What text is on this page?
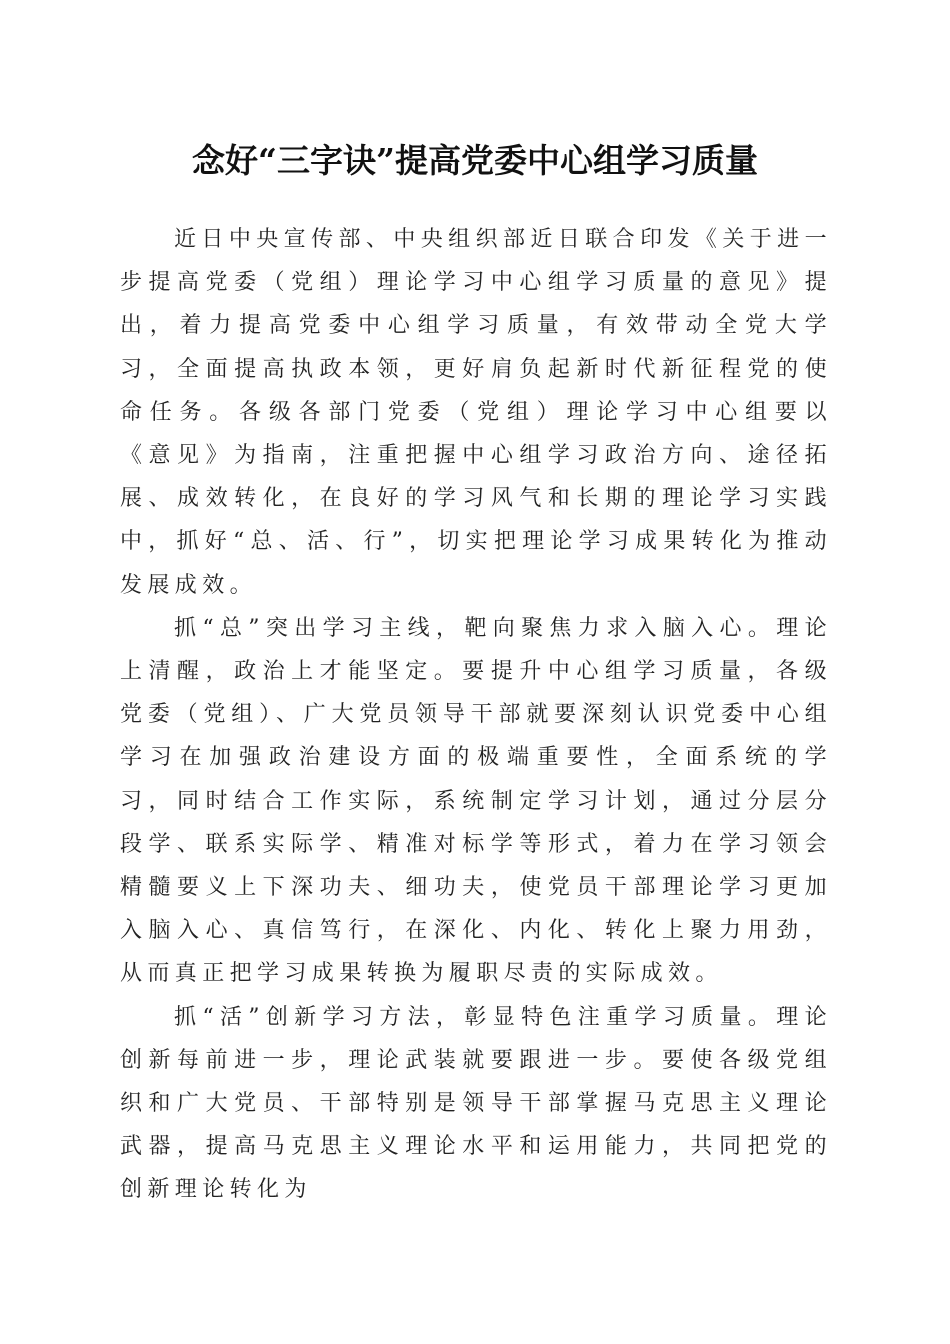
念好“三字诀”提高党委中心组学习质量

近日中央宣传部、中央组织部近日联合印发《关于进一步提高党委（党组）理论学习中心组学习质量的意见》提出，着力提高党委中心组学习质量，有效带动全党大学习，全面提高执政本领，更好肩负起新时代新征程党的使命任务。各级各部门党委（党组）理论学习中心组要以《意见》为指南，注重把握中心组学习政治方向、途径拓展、成效转化，在良好的学习风气和长期的理论学习实践中，抓好“总、活、行”，切实把理论学习成果转化为推动发展成效。

抓“总”突出学习主线，靶向聚焦力求入脑入心。理论上清醒，政治上才能坚定。要提升中心组学习质量，各级党委（党组）、广大党员领导干部就要深刻认识党委中心组学习在加强政治建设方面的极端重要性，全面系统的学习，同时结合工作实际，系统制定学习计划，通过分层分段学、联系实际学、精准对标学等形式，着力在学习领会精髓要义上下深功夫、细功夫，使党员干部理论学习更加入脑入心、真信笃行，在深化、内化、转化上聚力用劲，从而真正把学习成果转换为履职尽责的实际成效。

抓“活”创新学习方法，彰显特色注重学习质量。理论创新每前进一步，理论武装就要跟进一步。要使各级党组织和广大党员、干部特别是领导干部掌握马克思主义理论武器，提高马克思主义理论水平和运用能力，共同把党的创新理论转化为
